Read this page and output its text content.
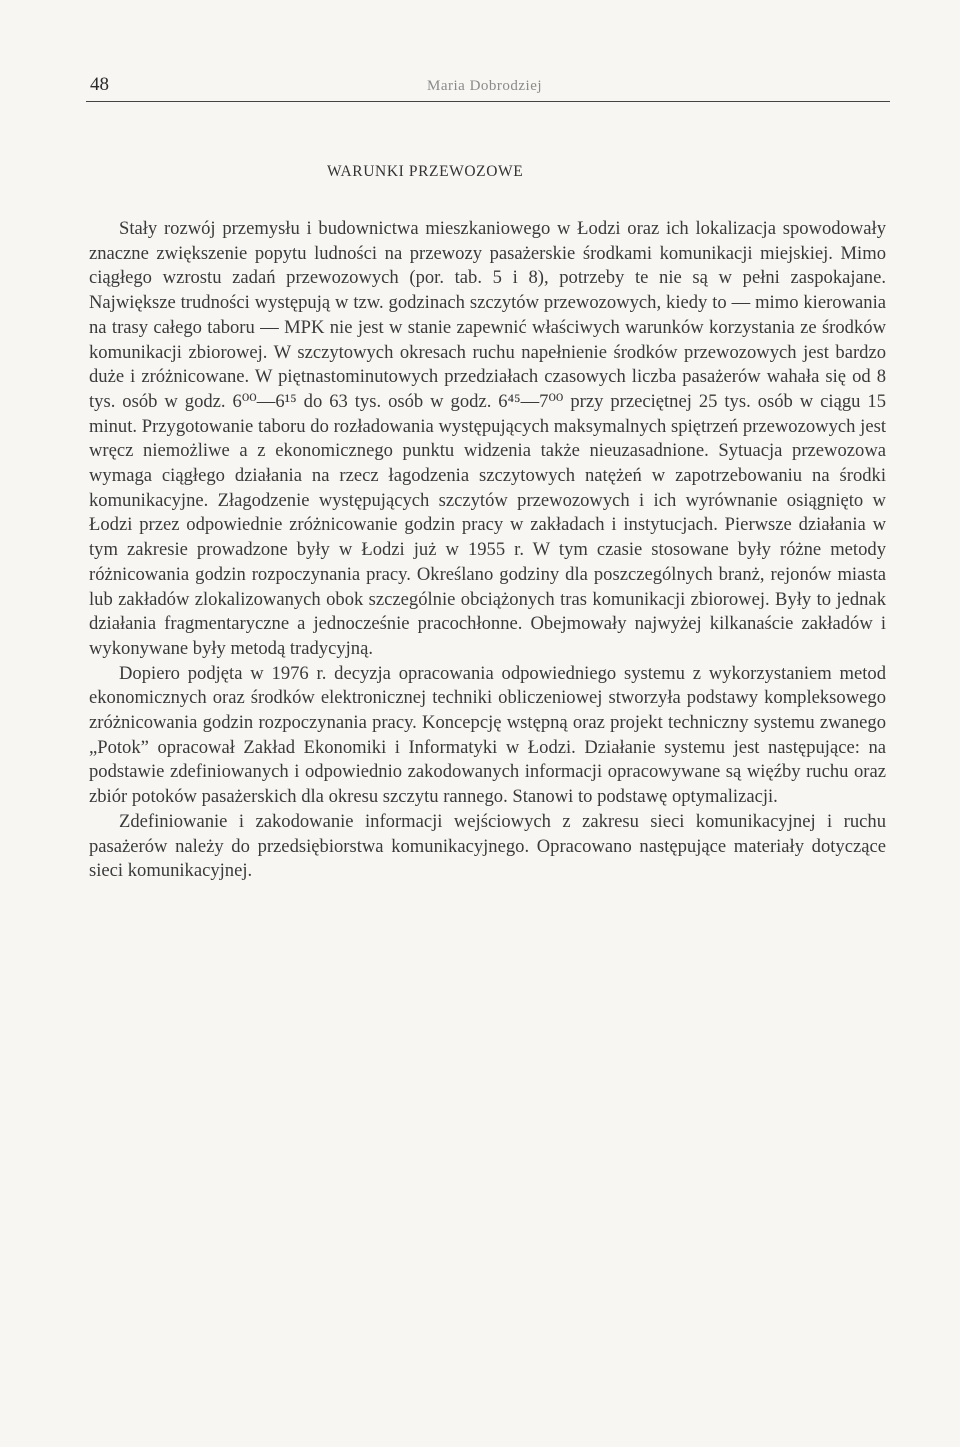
48	Maria Dobrodziej
WARUNKI PRZEWOZOWE

Stały rozwój przemysłu i budownictwa mieszkaniowego w Łodzi oraz ich lokalizacja spowodowały znaczne zwiększenie popytu ludności na przewozy pasażerskie środkami komunikacji miejskiej. Mimo ciągłego wzrostu zadań przewozowych (por. tab. 5 i 8), potrzeby te nie są w pełni zaspokajane. Największe trudności występują w tzw. godzinach szczytów przewozowych, kiedy to — mimo kierowania na trasy całego taboru — MPK nie jest w stanie zapewnić właściwych warunków korzystania ze środków komunikacji zbiorowej. W szczytowych okresach ruchu napełnienie środków przewozowych jest bardzo duże i zróżnicowane. W piętnastominutowych przedziałach czasowych liczba pasażerów wahała się od 8 tys. osób w godz. 6⁰⁰—6¹⁵ do 63 tys. osób w godz. 6⁴⁵—7⁰⁰ przy przeciętnej 25 tys. osób w ciągu 15 minut. Przygotowanie taboru do rozładowania występujących maksymalnych spiętrzeń przewozowych jest wręcz niemożliwe a z ekonomicznego punktu widzenia także nieuzasadnione. Sytuacja przewozowa wymaga ciągłego działania na rzecz łagodzenia szczytowych natężeń w zapotrzebowaniu na środki komunikacyjne. Złagodzenie występujących szczytów przewozowych i ich wyrównanie osiągnięto w Łodzi przez odpowiednie zróżnicowanie godzin pracy w zakładach i instytucjach. Pierwsze działania w tym zakresie prowadzone były w Łodzi już w 1955 r. W tym czasie stosowane były różne metody różnicowania godzin rozpoczynania pracy. Określano godziny dla poszczególnych branż, rejonów miasta lub zakładów zlokalizowanych obok szczególnie obciążonych tras komunikacji zbiorowej. Były to jednak działania fragmentaryczne a jednocześnie pracochłonne. Obejmowały najwyżej kilkanaście zakładów i wykonywane były metodą tradycyjną.

Dopiero podjęta w 1976 r. decyzja opracowania odpowiedniego systemu z wykorzystaniem metod ekonomicznych oraz środków elektronicznej techniki obliczeniowej stworzyła podstawy kompleksowego zróżnicowania godzin rozpoczynania pracy. Koncepcję wstępną oraz projekt techniczny systemu zwanego „Potok” opracował Zakład Ekonomiki i Informatyki w Łodzi. Działanie systemu jest następujące: na podstawie zdefiniowanych i odpowiednio zakodowanych informacji opracowywane są więźby ruchu oraz zbiór potoków pasażerskich dla okresu szczytu rannego. Stanowi to podstawę optymalizacji.

Zdefiniowanie i zakodowanie informacji wejściowych z zakresu sieci komunikacyjnej i ruchu pasażerów należy do przedsiębiorstwa komunikacyjnego. Opracowano następujące materiały dotyczące sieci komunikacyjnej.
